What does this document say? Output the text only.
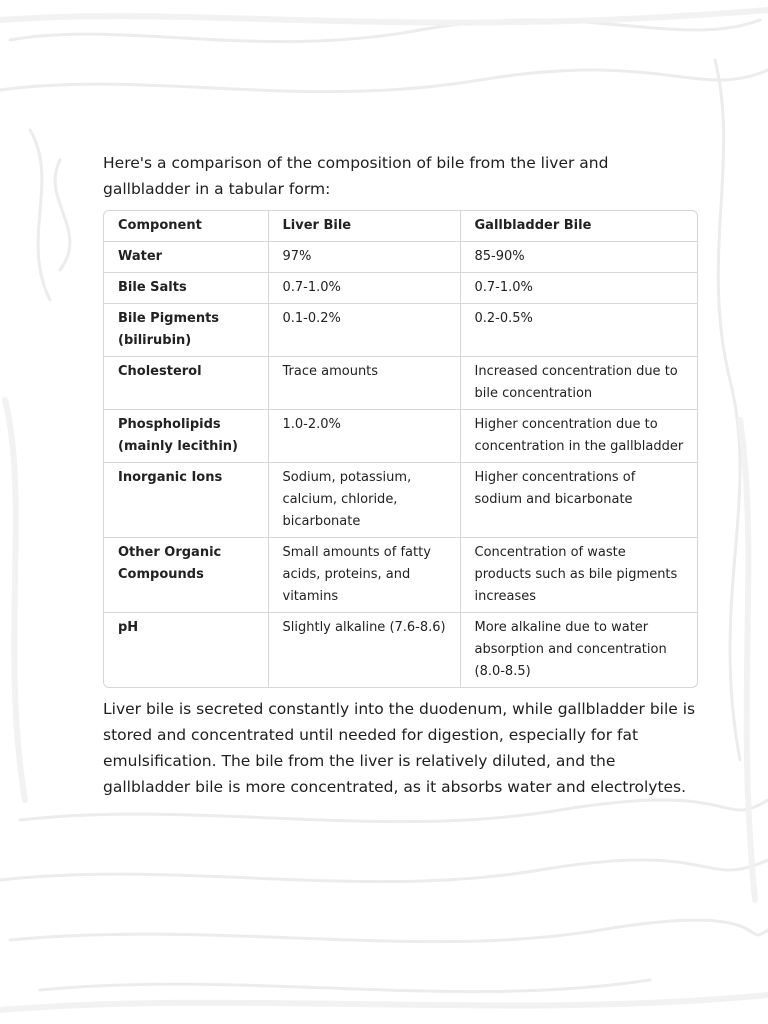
Here's a comparison of the composition of bile from the liver and gallbladder in a tabular form:

Component	Liver Bile	Gallbladder Bile
Water	97%	85-90%
Bile Salts	0.7-1.0%	0.7-1.0%
Bile Pigments (bilirubin)	0.1-0.2%	0.2-0.5%
Cholesterol	Trace amounts	Increased concentration due to bile concentration
Phospholipids (mainly lecithin)	1.0-2.0%	Higher concentration due to concentration in the gallbladder
Inorganic Ions	Sodium, potassium, calcium, chloride, bicarbonate	Higher concentrations of sodium and bicarbonate
Other Organic Compounds	Small amounts of fatty acids, proteins, and vitamins	Concentration of waste products such as bile pigments increases
pH	Slightly alkaline (7.6-8.6)	More alkaline due to water absorption and concentration (8.0-8.5)

Liver bile is secreted constantly into the duodenum, while gallbladder bile is stored and concentrated until needed for digestion, especially for fat emulsification. The bile from the liver is relatively diluted, and the gallbladder bile is more concentrated, as it absorbs water and electrolytes.
